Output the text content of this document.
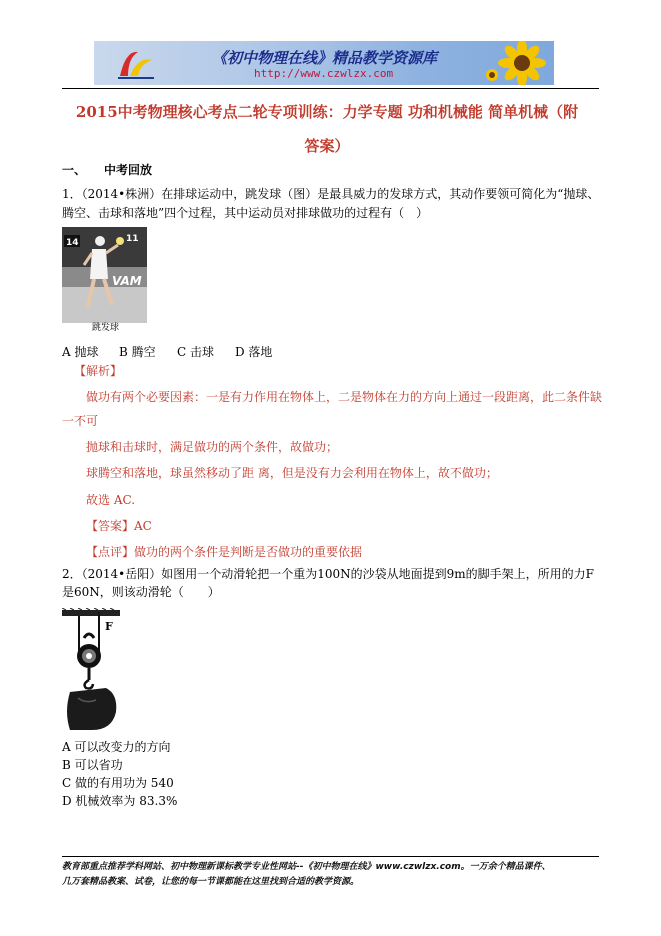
《初中物理在线》精品教学资源库
http://www.czwlzx.com
2015中考物理核心考点二轮专项训练：力学专题 功和机械能 简单机械（附
答案）
一、 中考回放
1．（2014•株洲）在排球运动中，跳发球（图）是最具威力的发球方式，其动作要领可简化为“抛球、
腾空、击球和落地”四个过程，其中运动员对排球做功的过程有（　）
14	11
VAM
跳发球
A 抛球 B 腾空 C 击球 D 落地
【解析】
做功有两个必要因素：一是有力作用在物体上，二是物体在力的方向上通过一段距离，此二条件缺
一不可
抛球和击球时，满足做功的两个条件，故做功；
球腾空和落地，球虽然移动了距 离，但是没有力会利用在物体上，故不做功；
故选 AC.
【答案】AC
【点评】做功的两个条件是判断是否做功的重要依据
2．（2014•岳阳）如图用一个动滑轮把一个重为100N的沙袋从地面提到9m的脚手架上，所用的力F
是60N，则该动滑轮（　　）
F
A 可以改变力的方向
B 可以省功
C 做的有用功为 540
D 机械效率为 83.3%
教育部重点推荐学科网站、初中物理新课标教学专业性网站--《初中物理在线》www.czwlzx.com。一万余个精品课件、
几万套精品教案、试卷，让您的每一节课都能在这里找到合适的教学资源。
